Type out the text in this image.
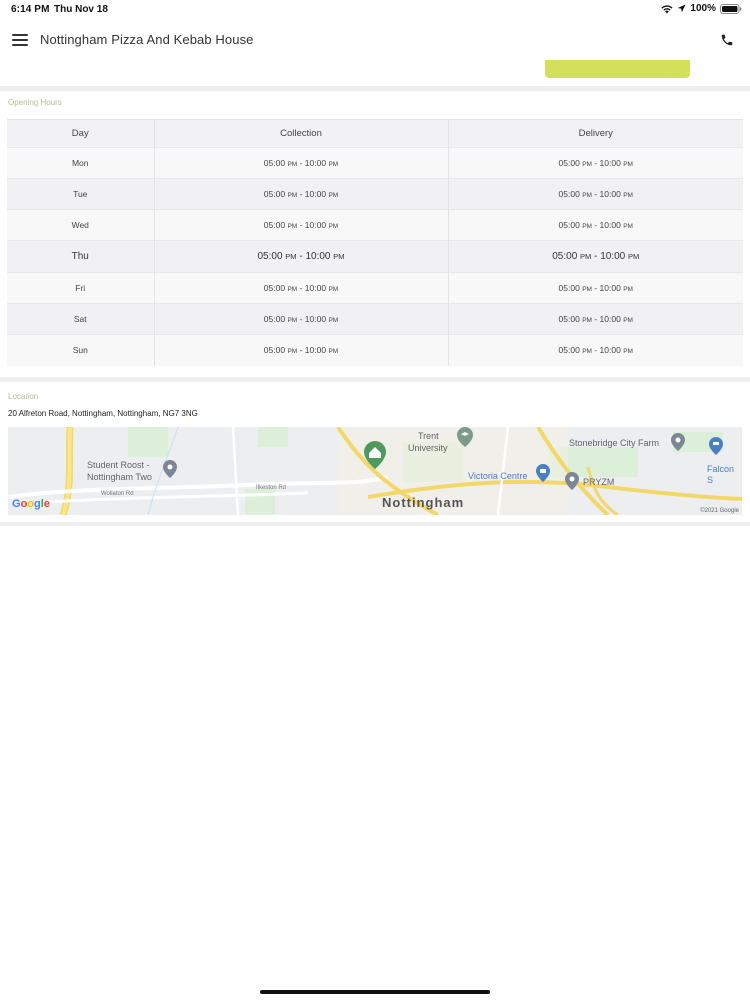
6:14 PM Thu Nov 18	100%
Nottingham Pizza And Kebab House
Opening Hours
Day	Collection	Delivery
Mon	05:00 PM - 10:00 PM	05:00 PM - 10:00 PM
Tue	05:00 PM - 10:00 PM	05:00 PM - 10:00 PM
Wed	05:00 PM - 10:00 PM	05:00 PM - 10:00 PM
Thu	05:00 PM - 10:00 PM	05:00 PM - 10:00 PM
Fri	05:00 PM - 10:00 PM	05:00 PM - 10:00 PM
Sat	05:00 PM - 10:00 PM	05:00 PM - 10:00 PM
Sun	05:00 PM - 10:00 PM	05:00 PM - 10:00 PM
Location
20 Alfreton Road, Nottingham, Nottingham, NG7 3NG
Student Roost -
Nottingham Two
Trent
University	Stonebridge City Farm
Victoria Centre
PRYZM
Falcon S
Nottingham
Ilkeston Rd
Wollaton Rd
Google
©2021 Google
